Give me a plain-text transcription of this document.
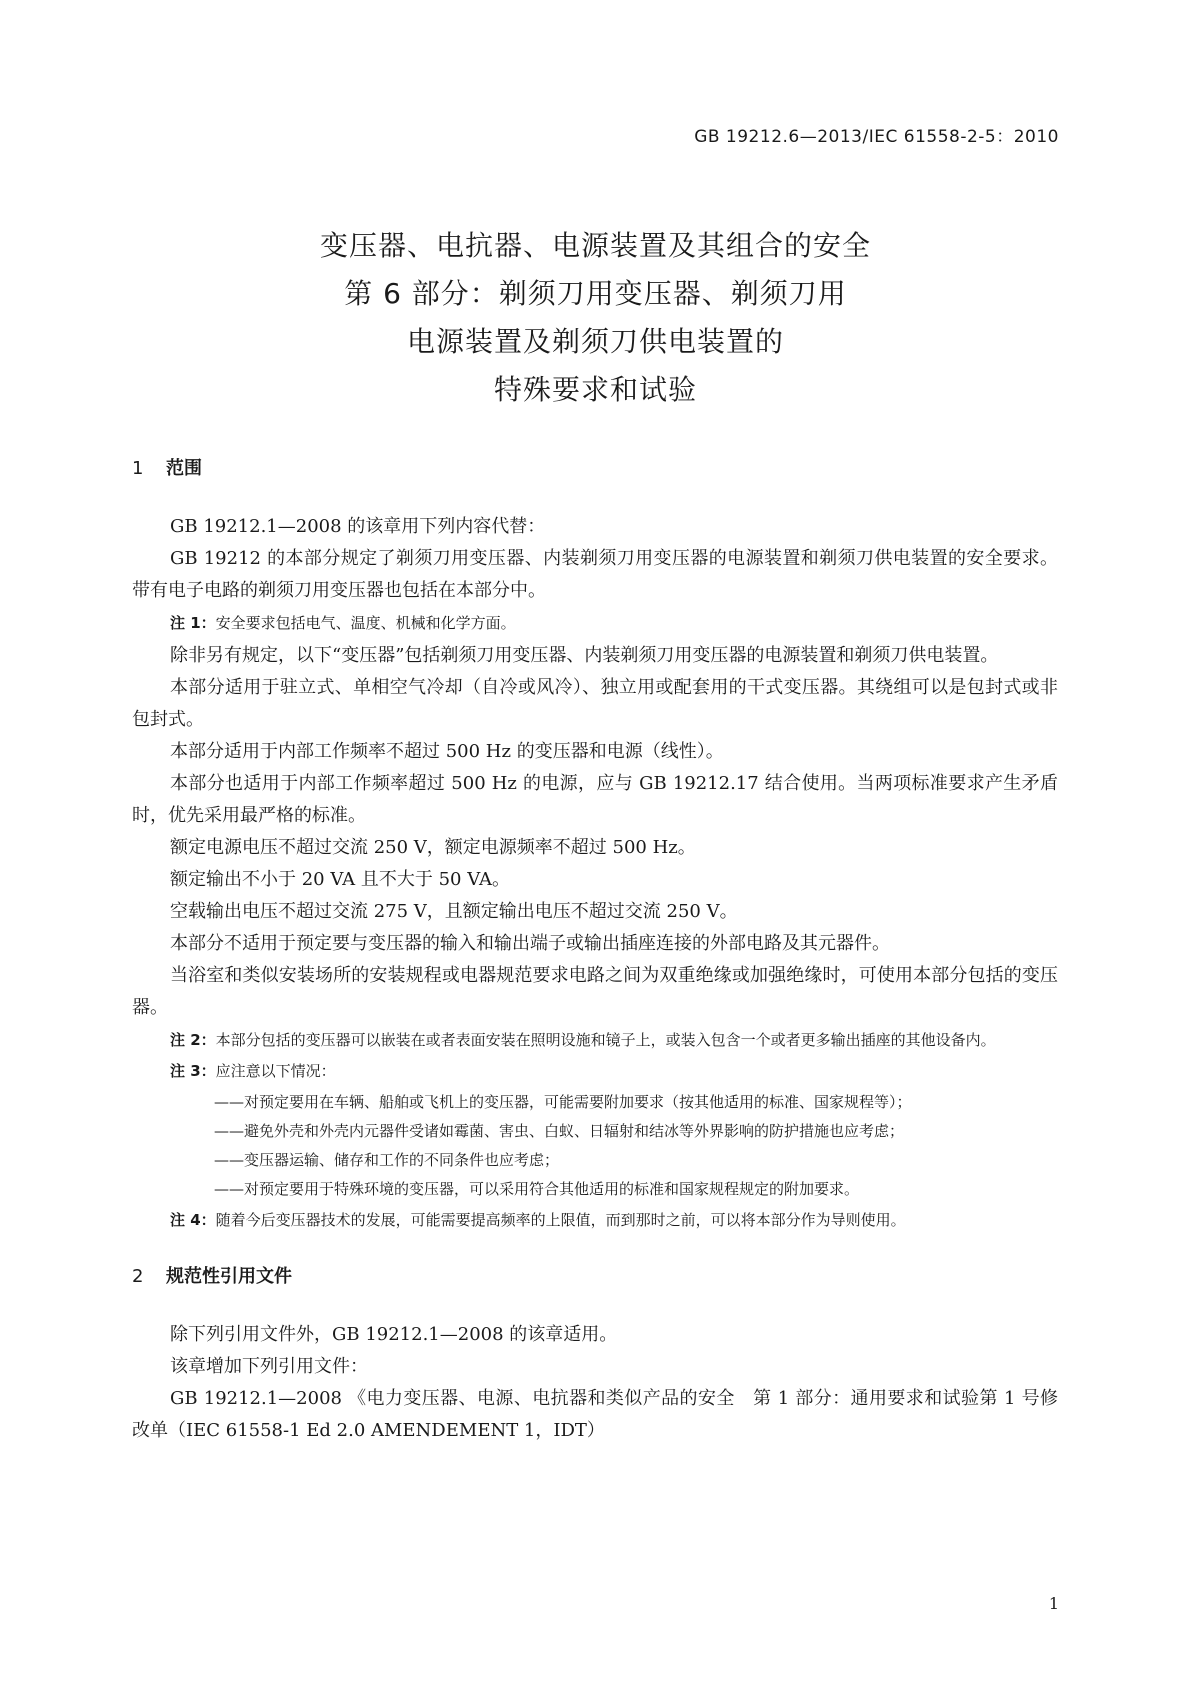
GB 19212.6—2013/IEC 61558-2-5：2010
变压器、电抗器、电源装置及其组合的安全
第 6 部分：剃须刀用变压器、剃须刀用
电源装置及剃须刀供电装置的
特殊要求和试验
1 范围

GB 19212.1—2008 的该章用下列内容代替：

GB 19212 的本部分规定了剃须刀用变压器、内装剃须刀用变压器的电源装置和剃须刀供电装置的安全要求。带有电子电路的剃须刀用变压器也包括在本部分中。

注 1：安全要求包括电气、温度、机械和化学方面。

除非另有规定，以下“变压器”包括剃须刀用变压器、内装剃须刀用变压器的电源装置和剃须刀供电装置。

本部分适用于驻立式、单相空气冷却（自冷或风冷）、独立用或配套用的干式变压器。其绕组可以是包封式或非包封式。

本部分适用于内部工作频率不超过 500 Hz 的变压器和电源（线性）。

本部分也适用于内部工作频率超过 500 Hz 的电源，应与 GB 19212.17 结合使用。当两项标准要求产生矛盾时，优先采用最严格的标准。

额定电源电压不超过交流 250 V，额定电源频率不超过 500 Hz。

额定输出不小于 20 VA 且不大于 50 VA。

空载输出电压不超过交流 275 V，且额定输出电压不超过交流 250 V。

本部分不适用于预定要与变压器的输入和输出端子或输出插座连接的外部电路及其元器件。

当浴室和类似安装场所的安装规程或电器规范要求电路之间为双重绝缘或加强绝缘时，可使用本部分包括的变压器。

注 2：本部分包括的变压器可以嵌装在或者表面安装在照明设施和镜子上，或装入包含一个或者更多输出插座的其他设备内。
注 3：应注意以下情况：
——对预定要用在车辆、船舶或飞机上的变压器，可能需要附加要求（按其他适用的标准、国家规程等）；
——避免外壳和外壳内元器件受诸如霉菌、害虫、白蚁、日辐射和结冰等外界影响的防护措施也应考虑；
——变压器运输、储存和工作的不同条件也应考虑；
——对预定要用于特殊环境的变压器，可以采用符合其他适用的标准和国家规程规定的附加要求。
注 4：随着今后变压器技术的发展，可能需要提高频率的上限值，而到那时之前，可以将本部分作为导则使用。
2 规范性引用文件

除下列引用文件外，GB 19212.1—2008 的该章适用。

该章增加下列引用文件：

GB 19212.1—2008 《电力变压器、电源、电抗器和类似产品的安全　第 1 部分：通用要求和试验第 1 号修改单（IEC 61558-1 Ed 2.0 AMENDEMENT 1，IDT）

1
